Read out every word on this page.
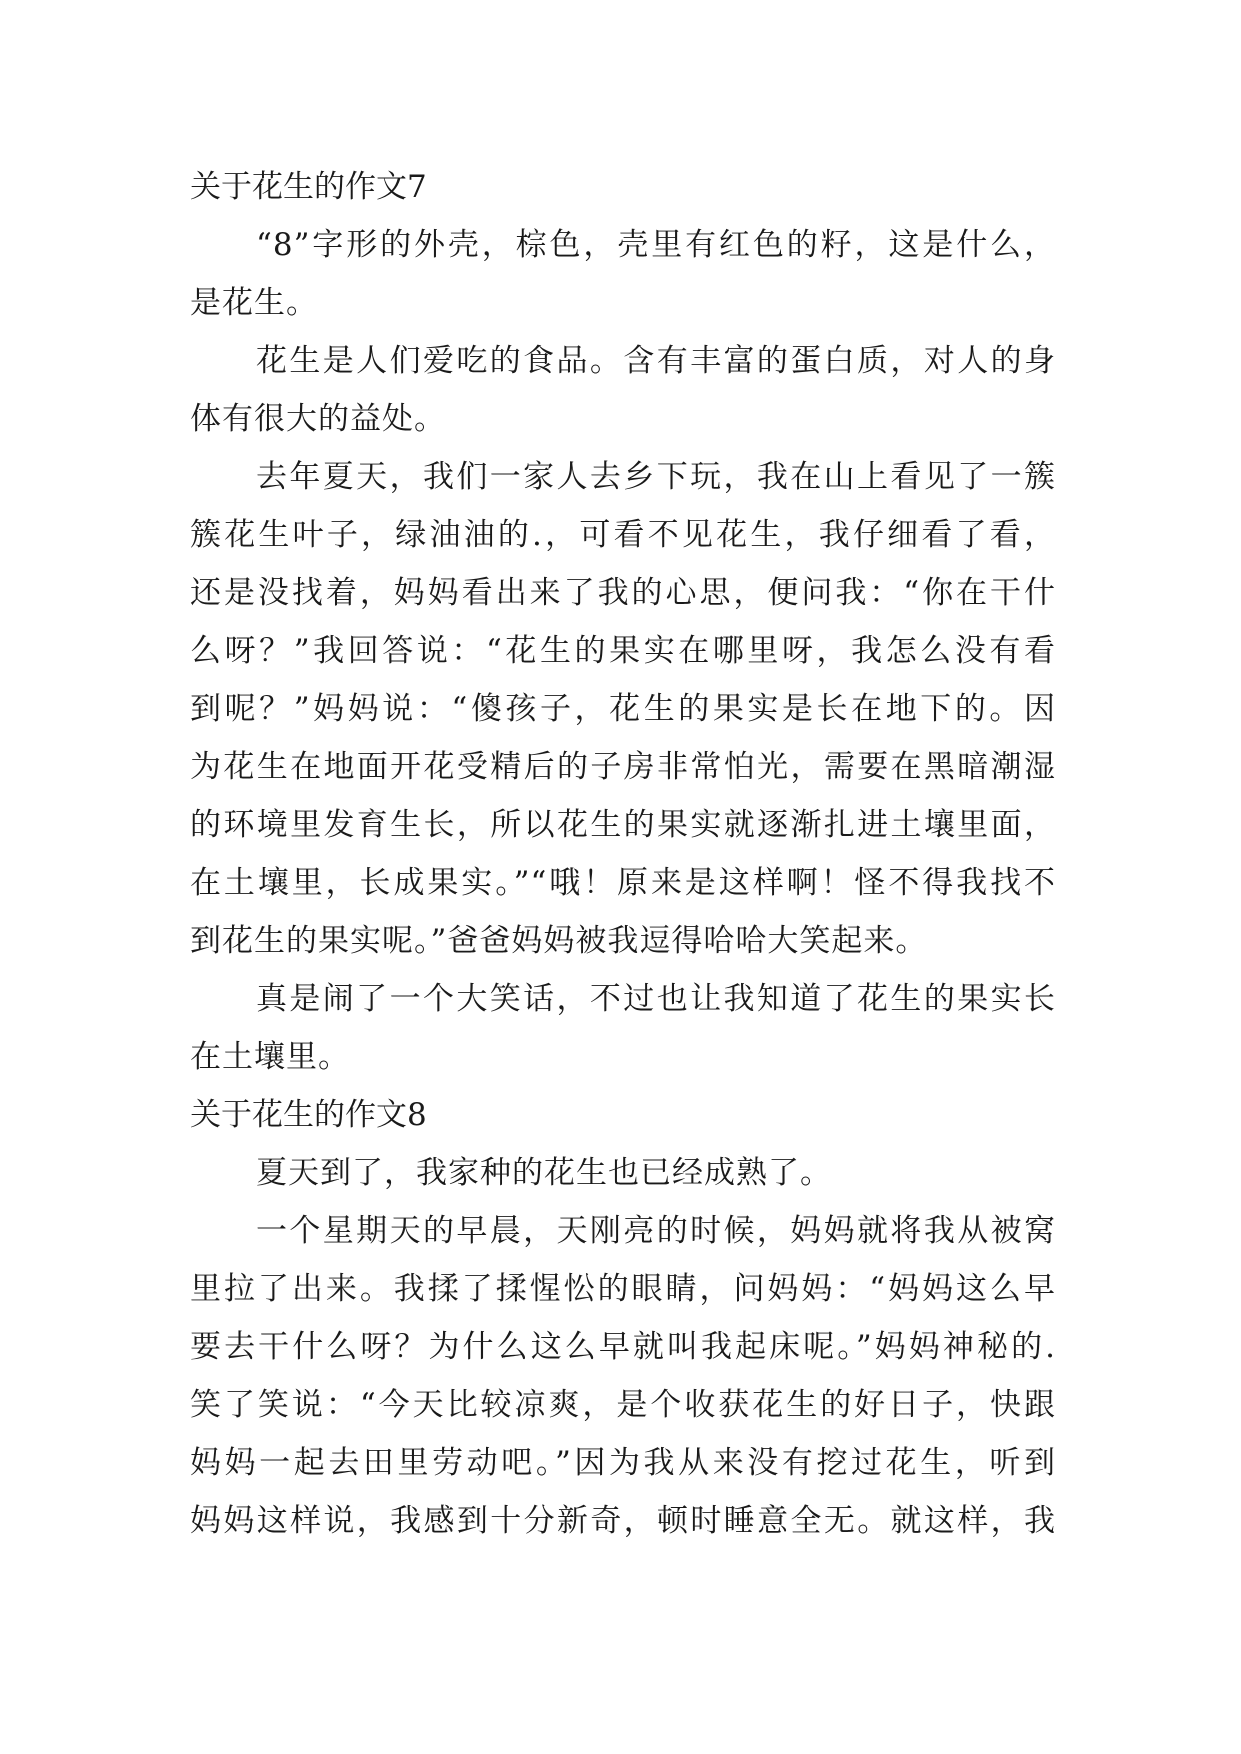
关于花生的作文7

“8”字形的外壳，棕色，壳里有红色的籽，这是什么，
是花生。

花生是人们爱吃的食品。含有丰富的蛋白质，对人的身
体有很大的益处。

去年夏天，我们一家人去乡下玩，我在山上看见了一簇
簇花生叶子，绿油油的.，可看不见花生，我仔细看了看，
还是没找着，妈妈看出来了我的心思，便问我：“你在干什
么呀？”我回答说：“花生的果实在哪里呀，我怎么没有看
到呢？”妈妈说：“傻孩子，花生的果实是长在地下的。因
为花生在地面开花受精后的子房非常怕光，需要在黑暗潮湿
的环境里发育生长，所以花生的果实就逐渐扎进土壤里面，
在土壤里，长成果实。”“哦！原来是这样啊！怪不得我找不
到花生的果实呢。”爸爸妈妈被我逗得哈哈大笑起来。

真是闹了一个大笑话，不过也让我知道了花生的果实长
在土壤里。

关于花生的作文8

夏天到了，我家种的花生也已经成熟了。

一个星期天的早晨，天刚亮的时候，妈妈就将我从被窝
里拉了出来。我揉了揉惺忪的眼睛，问妈妈：“妈妈这么早
要去干什么呀？为什么这么早就叫我起床呢。”妈妈神秘的.
笑了笑说：“今天比较凉爽，是个收获花生的好日子，快跟
妈妈一起去田里劳动吧。”因为我从来没有挖过花生，听到
妈妈这样说，我感到十分新奇，顿时睡意全无。就这样，我
